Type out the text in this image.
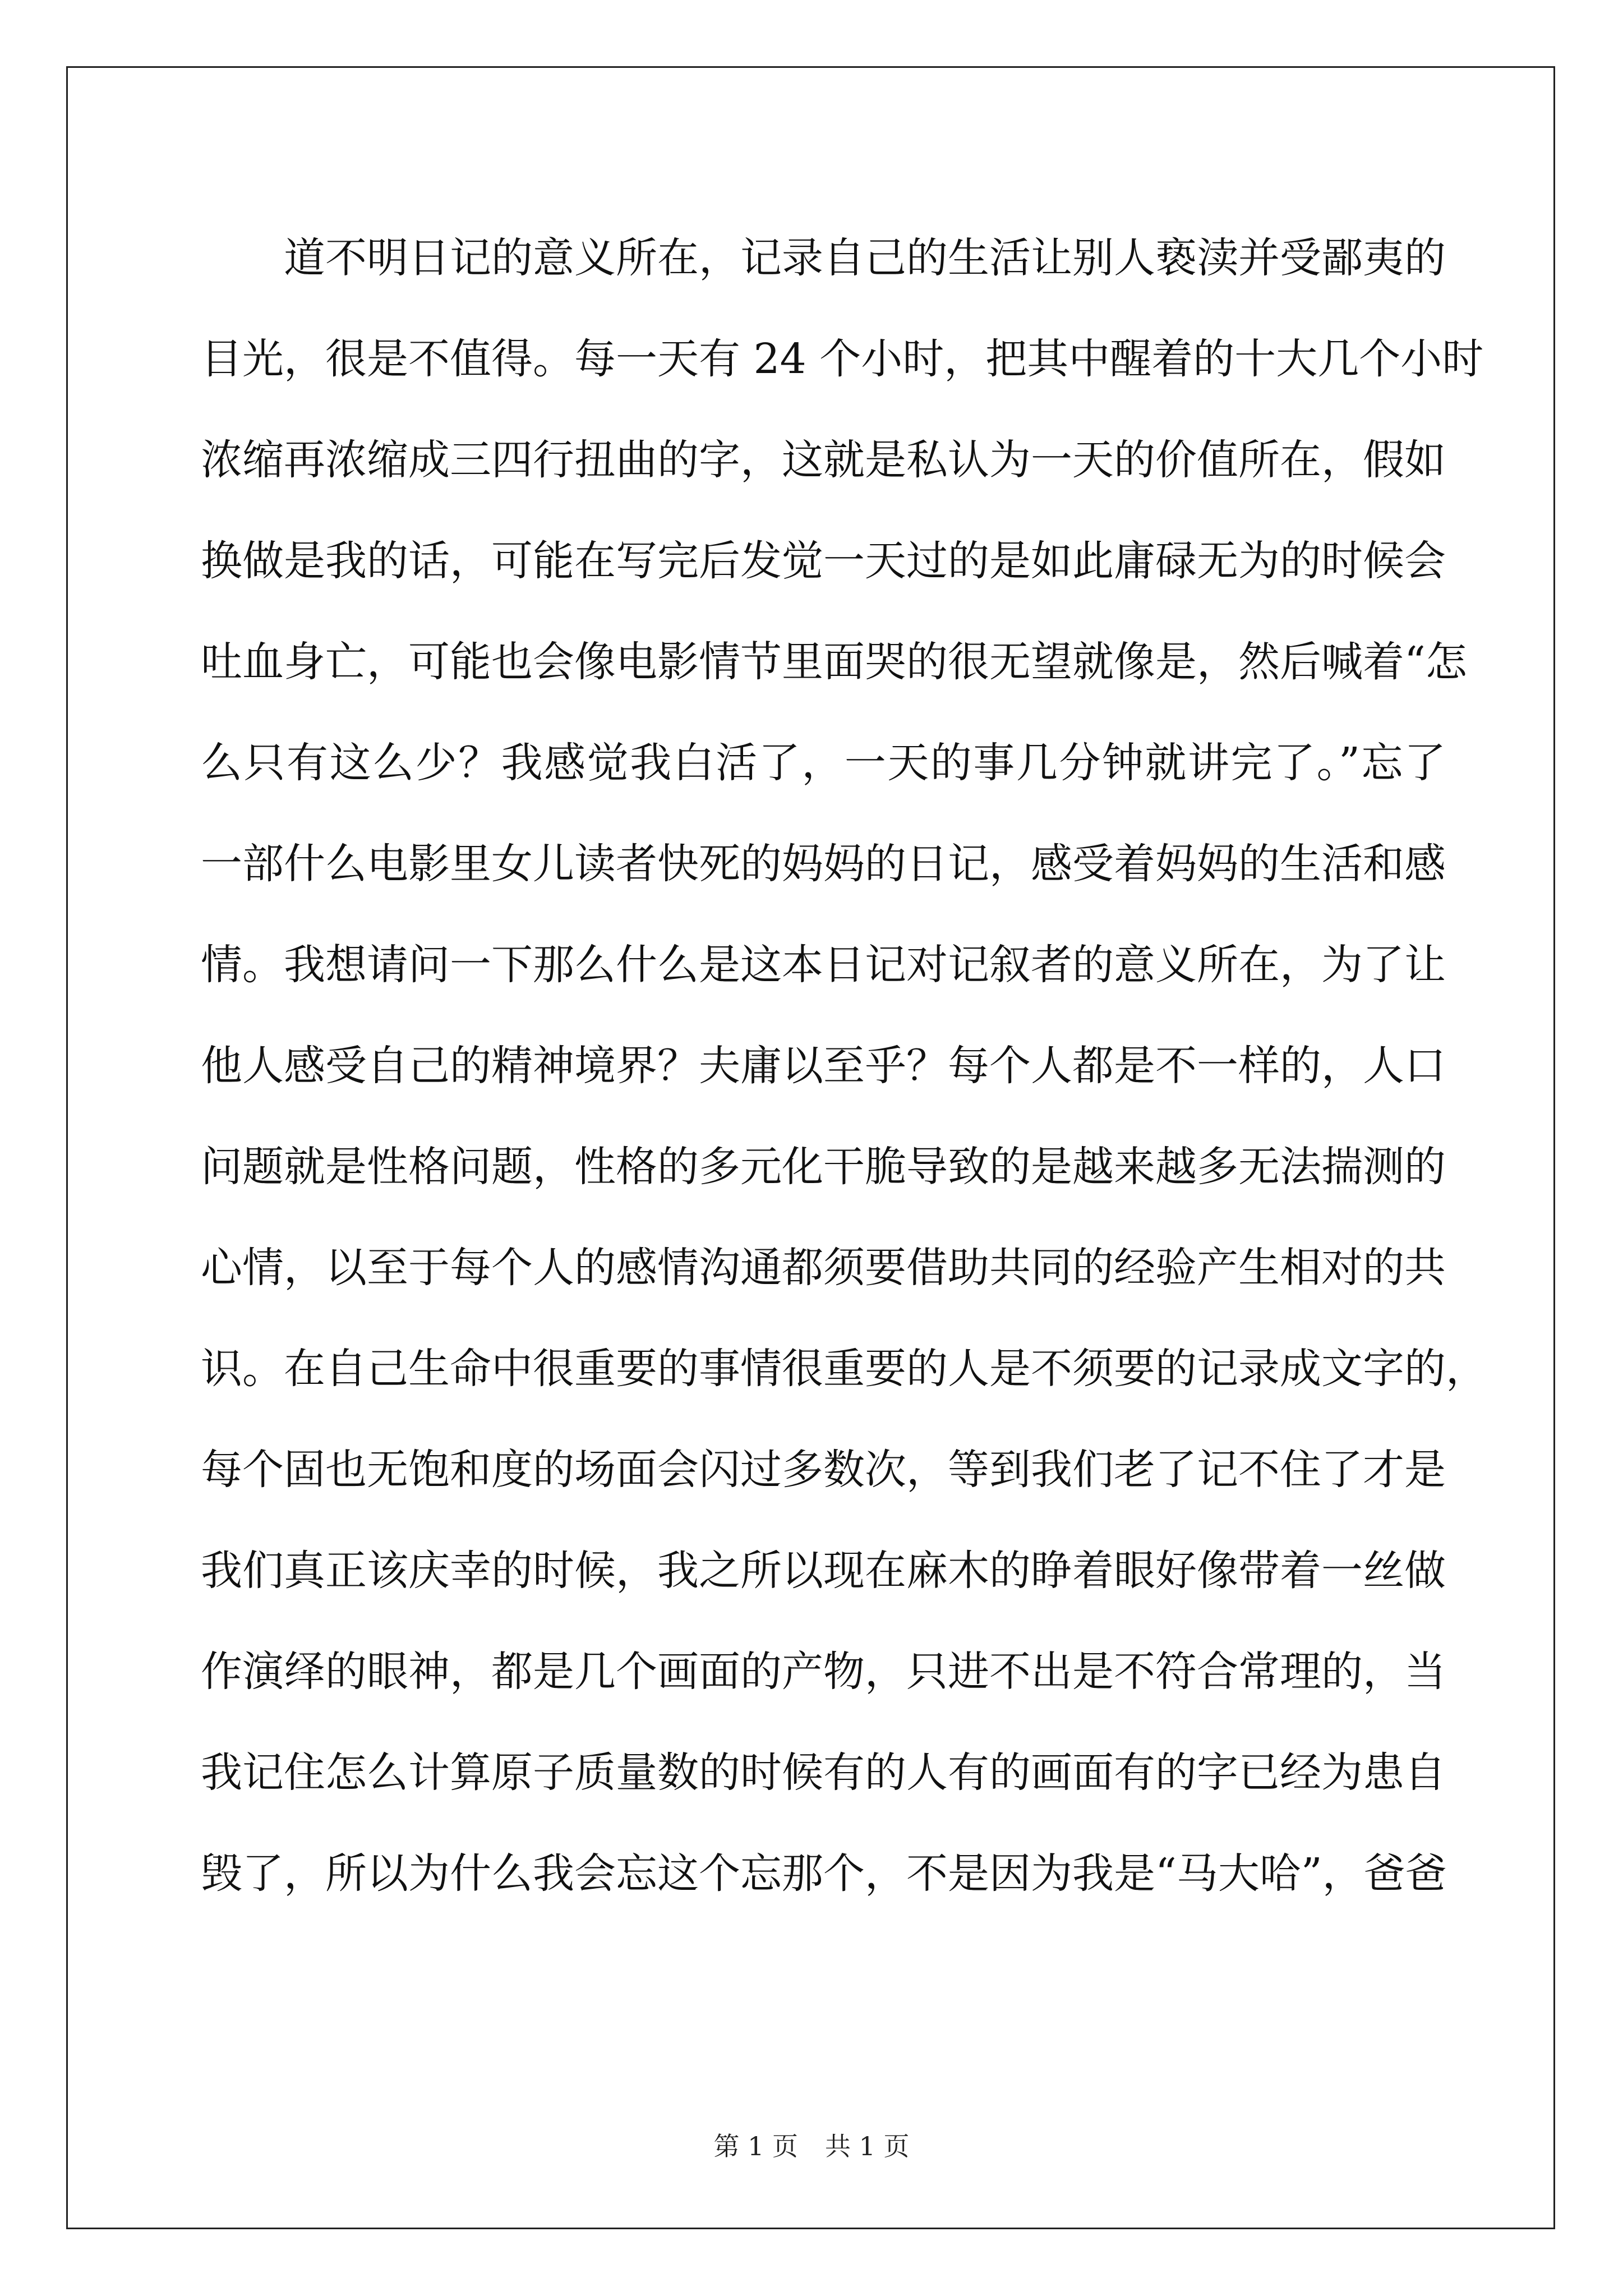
道不明日记的意义所在，记录自己的生活让别人亵渎并受鄙夷的
目光，很是不值得。每一天有 24 个小时，把其中醒着的十大几个小时
浓缩再浓缩成三四行扭曲的字，这就是私认为一天的价值所在，假如
换做是我的话，可能在写完后发觉一天过的是如此庸碌无为的时候会
吐血身亡，可能也会像电影情节里面哭的很无望就像是，然后喊着“怎
么只有这么少？我感觉我白活了，一天的事几分钟就讲完了。”忘了
一部什么电影里女儿读者快死的妈妈的日记，感受着妈妈的生活和感
情。我想请问一下那么什么是这本日记对记叙者的意义所在，为了让
他人感受自己的精神境界？夫庸以至乎？每个人都是不一样的，人口
问题就是性格问题，性格的多元化干脆导致的是越来越多无法揣测的
心情，以至于每个人的感情沟通都须要借助共同的经验产生相对的共
识。在自己生命中很重要的事情很重要的人是不须要的记录成文字的，
每个固也无饱和度的场面会闪过多数次，等到我们老了记不住了才是
我们真正该庆幸的时候，我之所以现在麻木的睁着眼好像带着一丝做
作演绎的眼神，都是几个画面的产物，只进不出是不符合常理的，当
我记住怎么计算原子质量数的时候有的人有的画面有的字已经为患自
毁了，所以为什么我会忘这个忘那个，不是因为我是“马大哈”，爸爸
第 1 页 共 1 页
